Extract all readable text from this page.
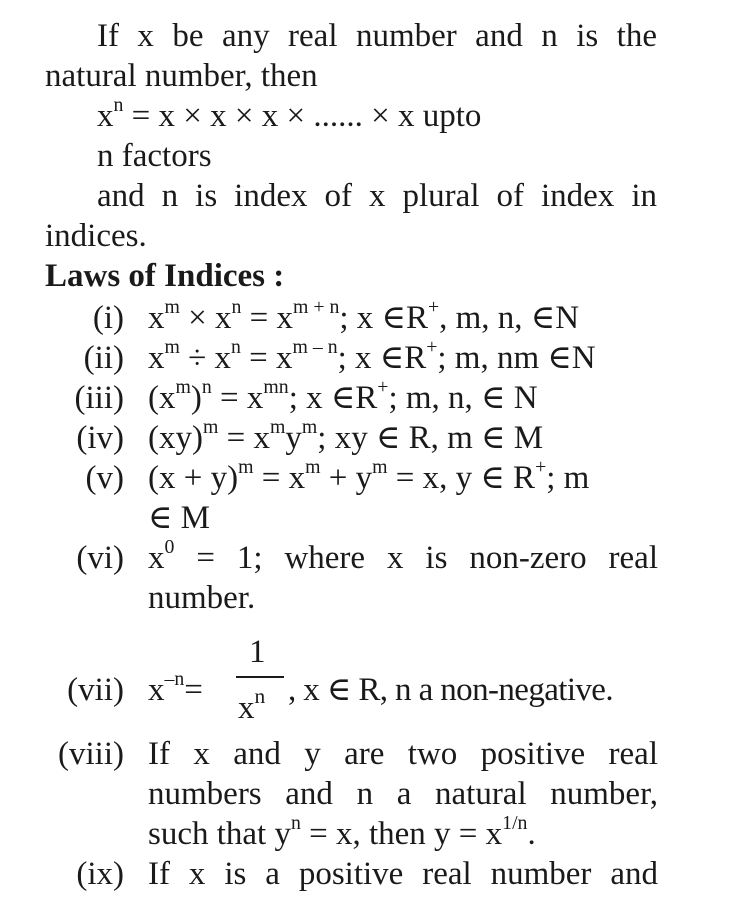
If x be any real number and n is the
natural number, then
$x^n = x \times x \times x$ × ...... × x upto
n factors
and n is index of x plural of index in
indices.
Laws of Indices :
(i) $x^m \times x^n = x^{m + n}$; x ∈R+, m, n, ∈N
(ii) $x^m \div x^n = x^{m - n}$; x ∈R+; m, nm ∈N
(iii) $(x^m)^n = x^{mn}$; x ∈R+; m, n, ∈ N
(iv) $(xy)^m = x^my^m$; xy ∈ R, m ∈ M
(v) $(x + y)^m = x^m + y^m = x$, y ∈ R+; m
∈ M
(vi) $x^0 = 1$; where x is non-zero real
number.
1
(vii) $x^{-n}=$	, x ∈ R, n a non-negative.
$x^n$
(viii) If x and y are two positive real
numbers and n a natural number,
such that $y^n = x$, then $y = x^{1/n}$.
(ix) If x is a positive real number and
